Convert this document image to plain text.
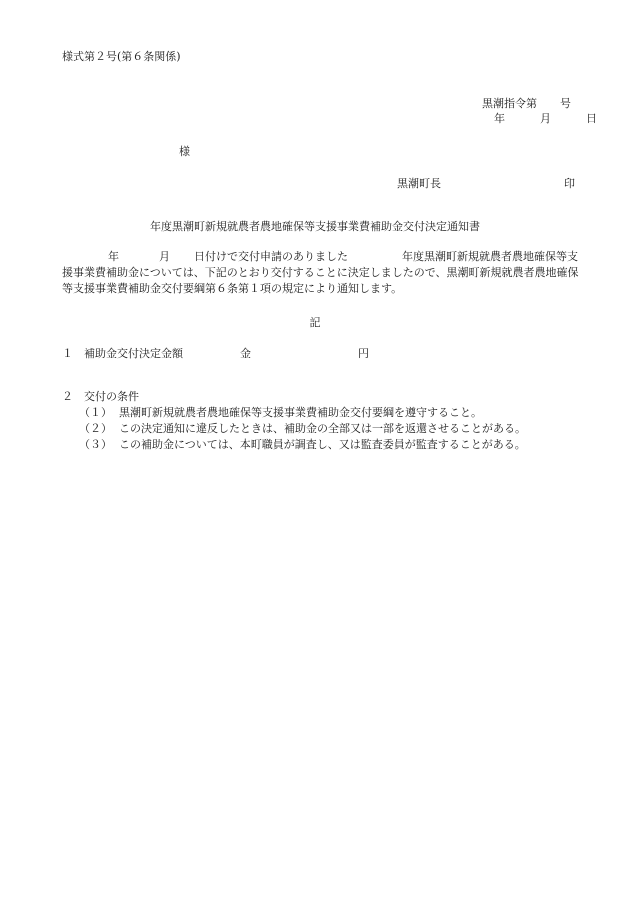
様式第２号(第６条関係)
黒潮指令第 号
年	月	日
様
黒潮町長	印
年度黒潮町新規就農者農地確保等支援事業費補助金交付決定通知書
年	月 日付けで交付申請のありました	年度黒潮町新規就農者農地確保等支援事業費補助金については、下記のとおり交付することに決定しましたので、黒潮町新規就農者農地確保等支援事業費補助金交付要綱第６条第１項の規定により通知します。
記
１ 補助金交付決定金額	金	円
２ 交付の条件
（１） 黒潮町新規就農者農地確保等支援事業費補助金交付要綱を遵守すること。
（２） この決定通知に違反したときは、補助金の全部又は一部を返還させることがある。
（３） この補助金については、本町職員が調査し、又は監査委員が監査することがある。
